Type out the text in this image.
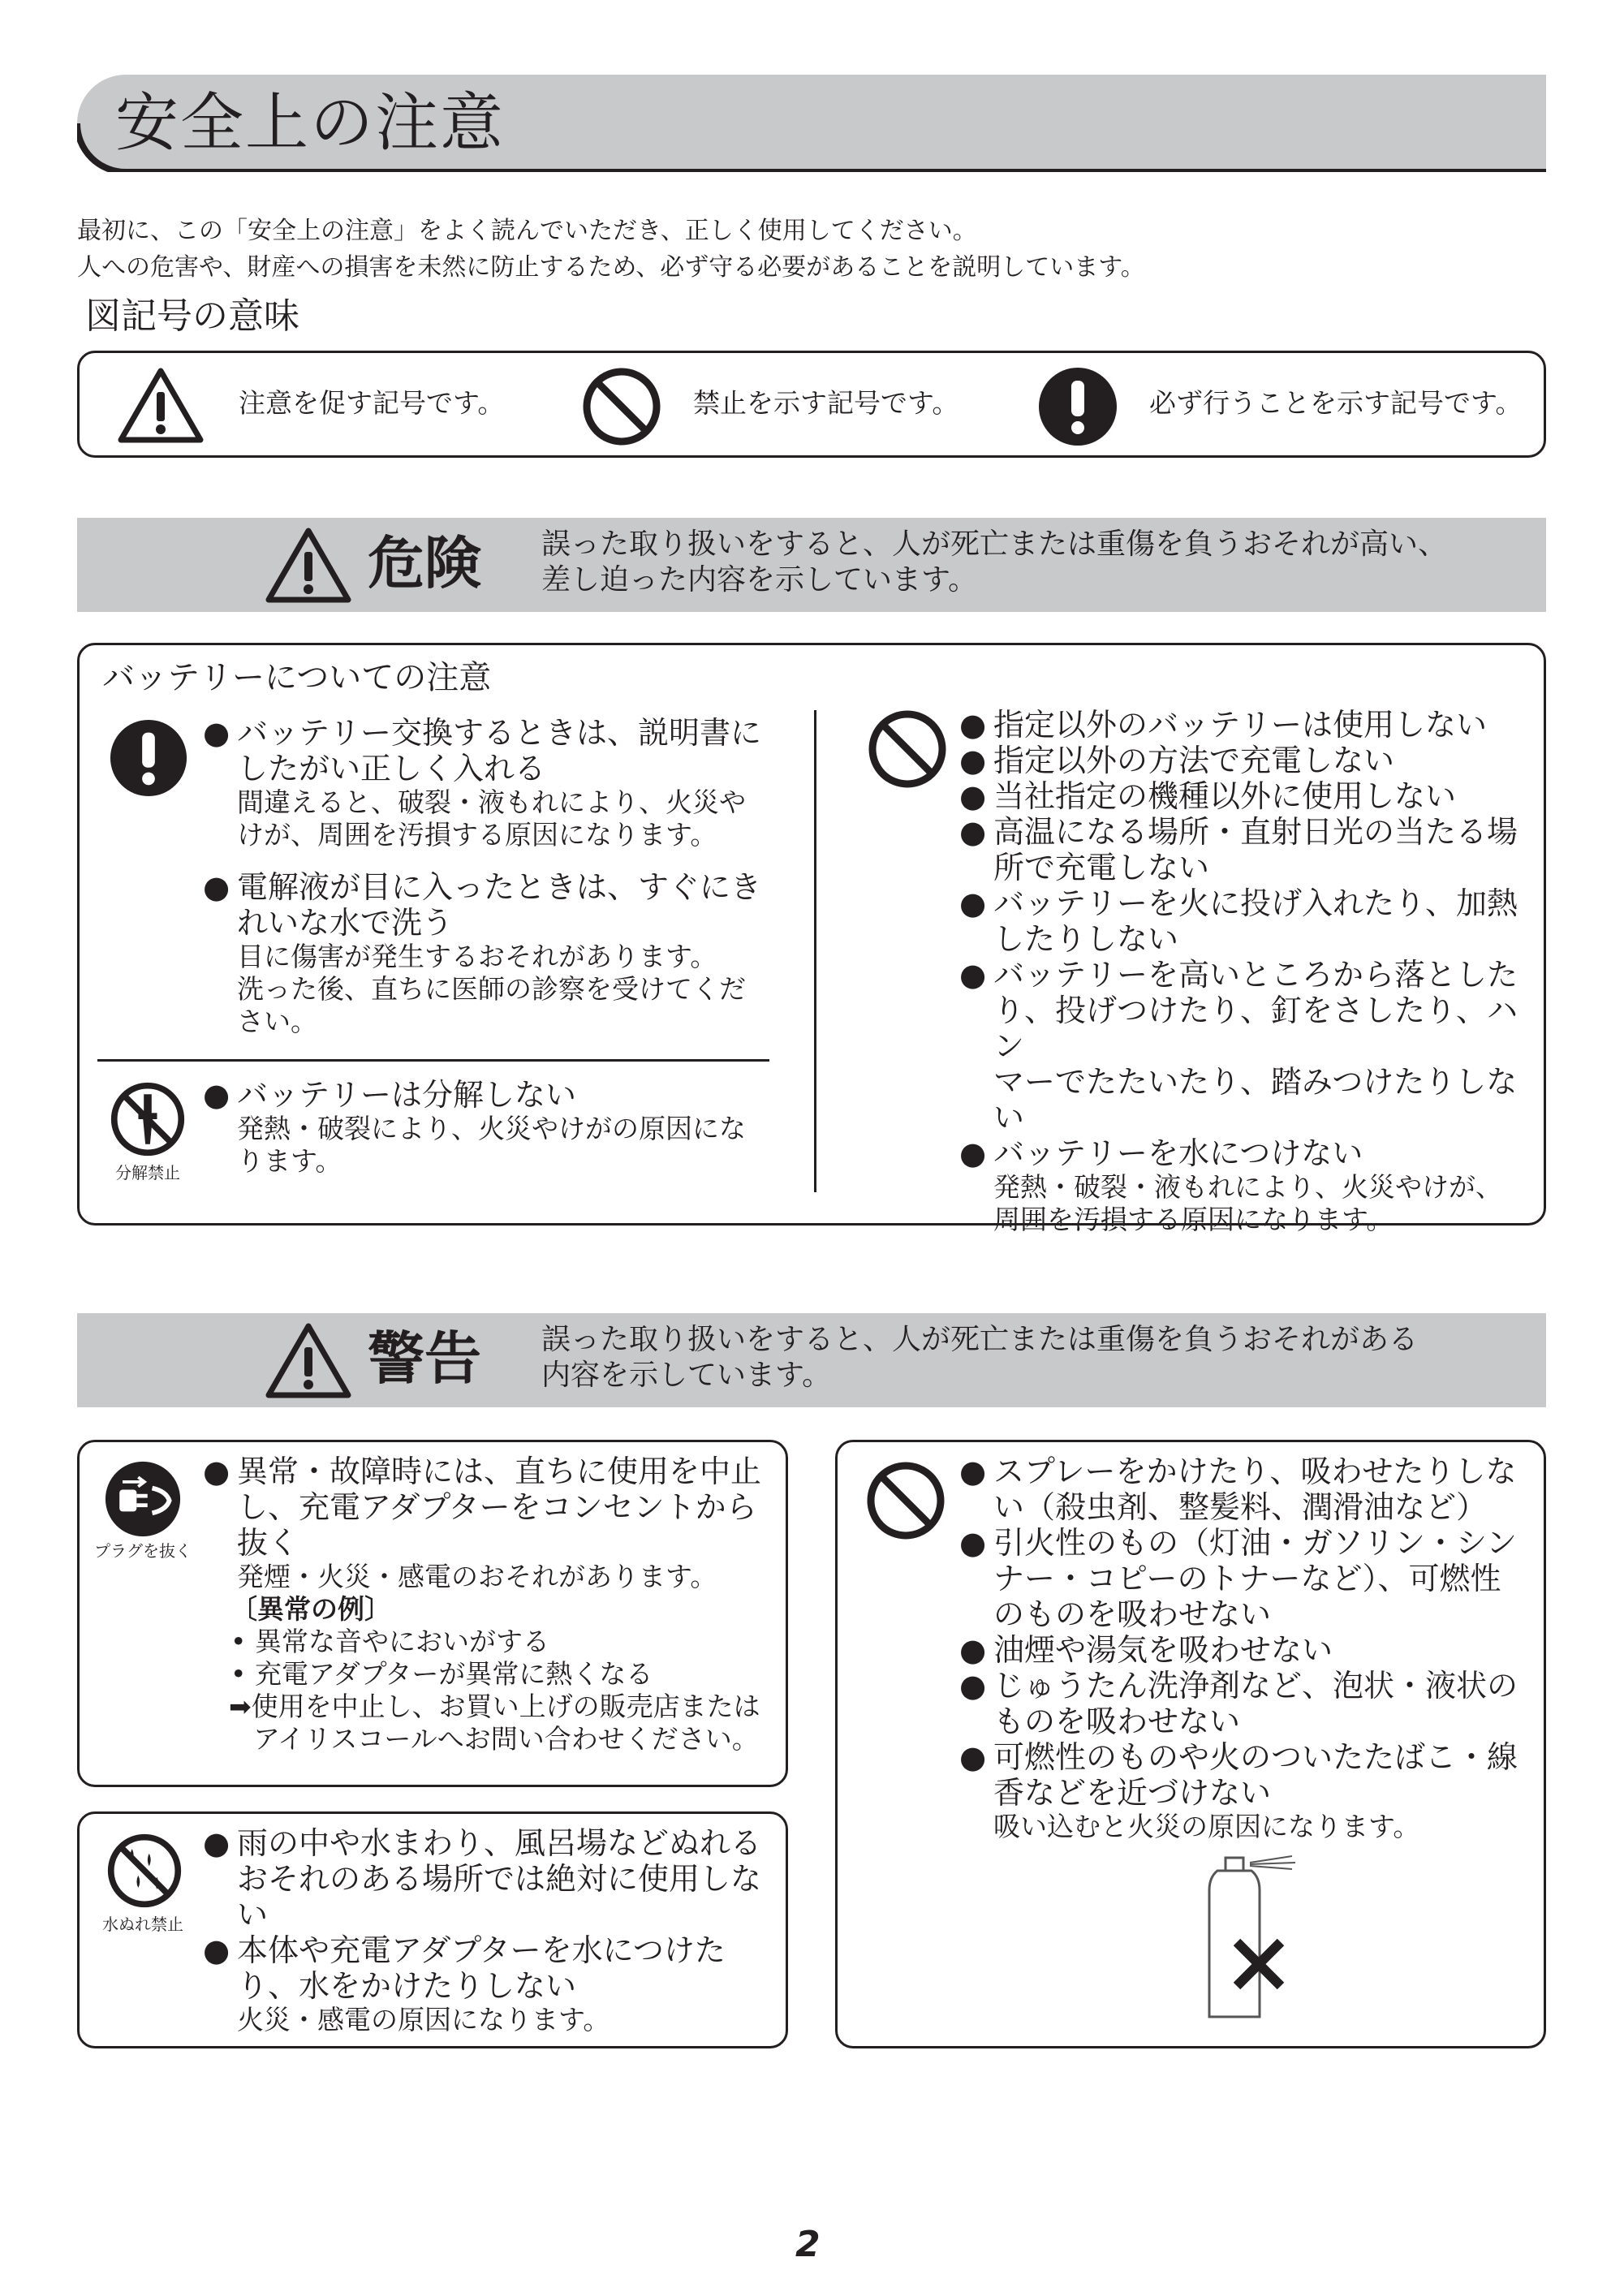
安全上の注意
最初に、この「安全上の注意」をよく読んでいただき、正しく使用してください。
人への危害や、財産への損害を未然に防止するため、必ず守る必要があることを説明しています。
図記号の意味
注意を促す記号です。	禁止を示す記号です。	必ず行うことを示す記号です。
危険 誤った取り扱いをすると、人が死亡または重傷を負うおそれが高い、
差し迫った内容を示しています。
バッテリーについての注意
● バッテリー交換するときは、説明書に
したがい正しく入れる
間違えると、破裂・液もれにより、火災や
けが、周囲を汚損する原因になります。
● 電解液が目に入ったときは、すぐにき
れいな水で洗う
目に傷害が発生するおそれがあります。
洗った後、直ちに医師の診察を受けてくだ
さい。
分解禁止
● バッテリーは分解しない
発熱・破裂により、火災やけがの原因にな
ります。
● 指定以外のバッテリーは使用しない
● 指定以外の方法で充電しない
● 当社指定の機種以外に使用しない
● 高温になる場所・直射日光の当たる場
所で充電しない
● バッテリーを火に投げ入れたり、加熱
したりしない
● バッテリーを高いところから落とした
り、投げつけたり、釘をさしたり、ハン
マーでたたいたり、踏みつけたりしな
い
● バッテリーを水につけない
発熱・破裂・液もれにより、火災やけが、
周囲を汚損する原因になります。
警告 誤った取り扱いをすると、人が死亡または重傷を負うおそれがある
内容を示しています。
プラグを抜く
● 異常・故障時には、直ちに使用を中止
し、充電アダプターをコンセントから
抜く
発煙・火災・感電のおそれがあります。
〔異常の例〕
• 異常な音やにおいがする
• 充電アダプターが異常に熱くなる
➡使用を中止し、お買い上げの販売店または
アイリスコールへお問い合わせください。
水ぬれ禁止
● 雨の中や水まわり、風呂場などぬれる
おそれのある場所では絶対に使用しな
い
● 本体や充電アダプターを水につけた
り、水をかけたりしない
火災・感電の原因になります。
● スプレーをかけたり、吸わせたりしな
い（殺虫剤、整髪料、潤滑油など）
● 引火性のもの（灯油・ガソリン・シン
ナー・コピーのトナーなど）、可燃性
のものを吸わせない
● 油煙や湯気を吸わせない
● じゅうたん洗浄剤など、泡状・液状の
ものを吸わせない
● 可燃性のものや火のついたたばこ・線
香などを近づけない
吸い込むと火災の原因になります。
2
